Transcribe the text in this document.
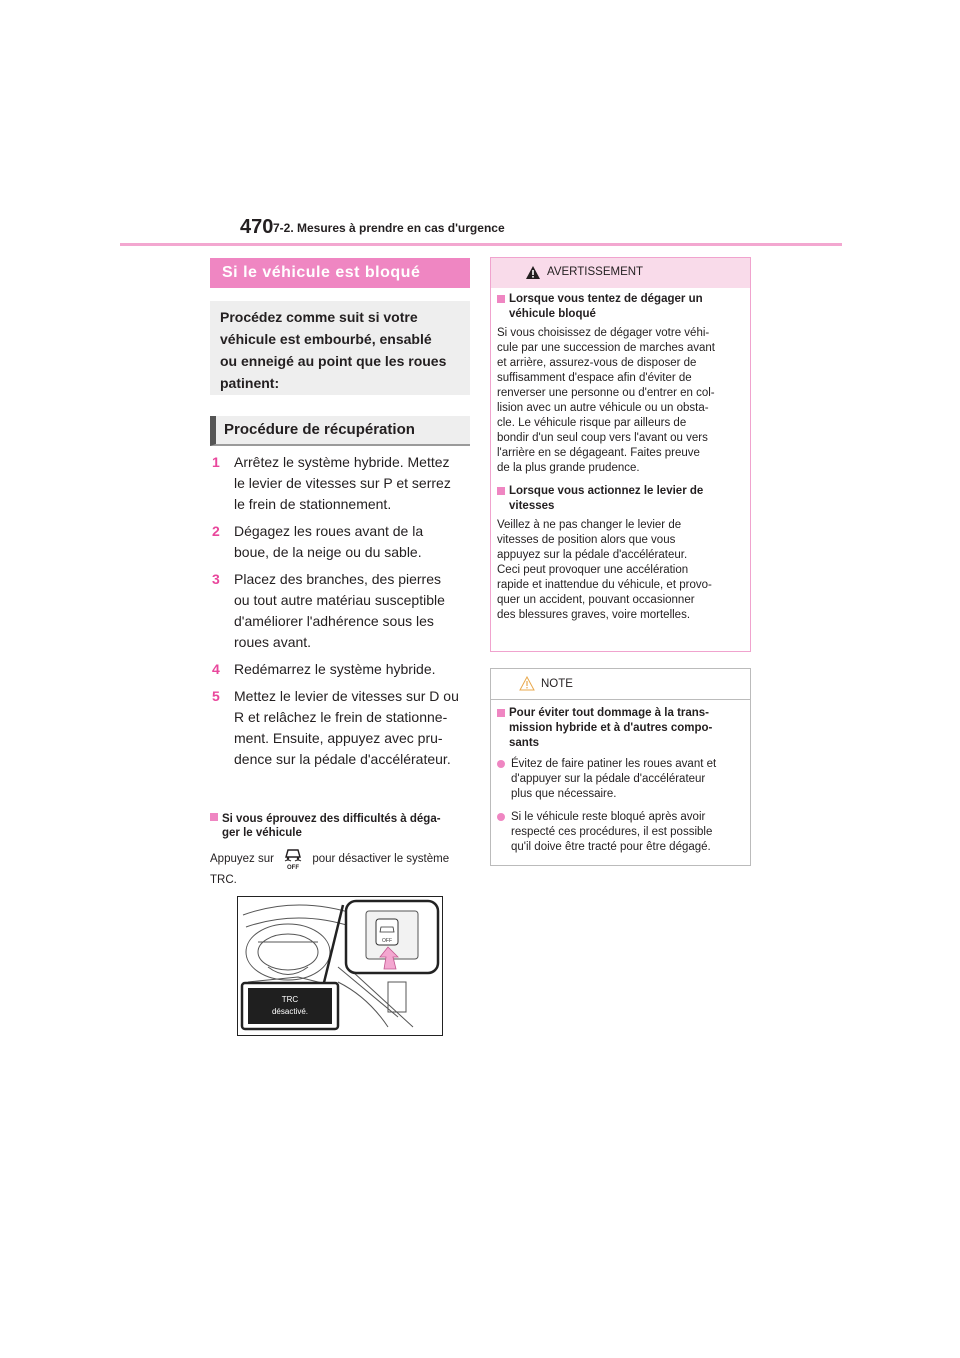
470 7-2. Mesures à prendre en cas d'urgence
Si le véhicule est bloqué
Procédez comme suit si votre
véhicule est embourbé, ensablé
ou enneigé au point que les roues
patinent:
Procédure de récupération
1	Arrêtez le système hybride. Mettez
le levier de vitesses sur P et serrez
le frein de stationnement.
2	Dégagez les roues avant de la
boue, de la neige ou du sable.
3	Placez des branches, des pierres
ou tout autre matériau susceptible
d'améliorer l'adhérence sous les
roues avant.
4	Redémarrez le système hybride.
5	Mettez le levier de vitesses sur D ou
R et relâchez le frein de stationne-
ment. Ensuite, appuyez avec pru-
dence sur la pédale d'accélérateur.
Si vous éprouvez des difficultés à déga-
ger le véhicule
Appuyez sur
OFF
pour désactiver le système
TRC.
OFF
TRC
désactivé.
AVERTISSEMENT
Lorsque vous tentez de dégager un
véhicule bloqué

Si vous choisissez de dégager votre véhi-
cule par une succession de marches avant
et arrière, assurez-vous de disposer de
suffisamment d'espace afin d'éviter de
renverser une personne ou d'entrer en col-
lision avec un autre véhicule ou un obsta-
cle. Le véhicule risque par ailleurs de
bondir d'un seul coup vers l'avant ou vers
l'arrière en se dégageant. Faites preuve
de la plus grande prudence.

Lorsque vous actionnez le levier de
vitesses

Veillez à ne pas changer le levier de
vitesses de position alors que vous
appuyez sur la pédale d'accélérateur.
Ceci peut provoquer une accélération
rapide et inattendue du véhicule, et provo-
quer un accident, pouvant occasionner
des blessures graves, voire mortelles.

NOTE
Pour éviter tout dommage à la trans-
mission hybride et à d'autres compo-
sants
Évitez de faire patiner les roues avant et
d'appuyer sur la pédale d'accélérateur
plus que nécessaire.
Si le véhicule reste bloqué après avoir
respecté ces procédures, il est possible
qu'il doive être tracté pour être dégagé.
